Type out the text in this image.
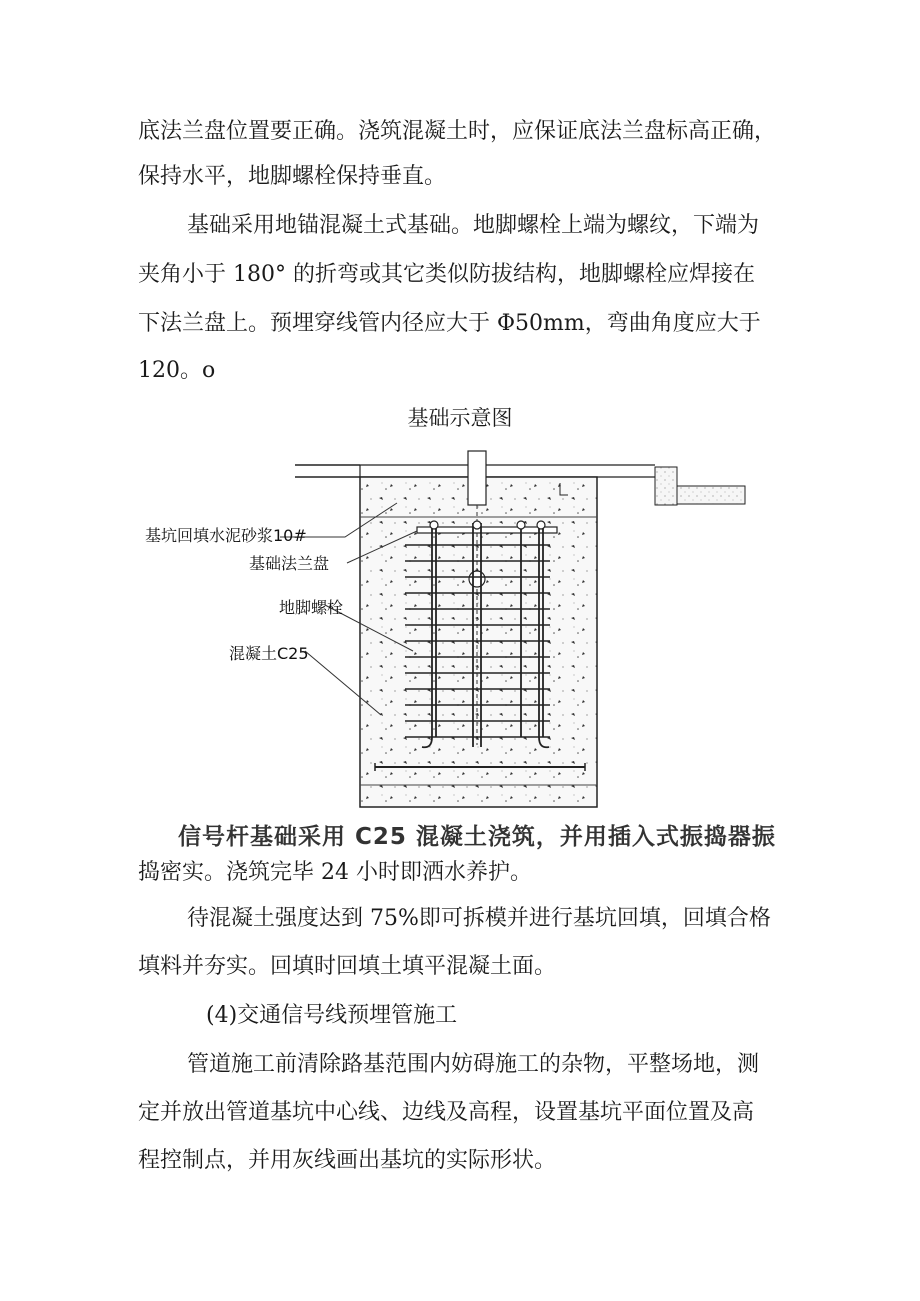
底法兰盘位置要正确。浇筑混凝土时，应保证底法兰盘标高正确，
保持水平，地脚螺栓保持垂直。
基础采用地锚混凝土式基础。地脚螺栓上端为螺纹，下端为
夹角小于 180° 的折弯或其它类似防拔结构，地脚螺栓应焊接在
下法兰盘上。预埋穿线管内径应大于 Φ50mm，弯曲角度应大于
120。o
基础示意图
基坑回填水泥砂浆10#
基础法兰盘
地脚螺栓
混凝土C25
信号杆基础采用 C25 混凝土浇筑，并用插入式振捣器振
捣密实。浇筑完毕 24 小时即洒水养护。
待混凝土强度达到 75%即可拆模并进行基坑回填，回填合格
填料并夯实。回填时回填土填平混凝土面。
(4)交通信号线预埋管施工
管道施工前清除路基范围内妨碍施工的杂物，平整场地，测
定并放出管道基坑中心线、边线及高程，设置基坑平面位置及高
程控制点，并用灰线画出基坑的实际形状。
